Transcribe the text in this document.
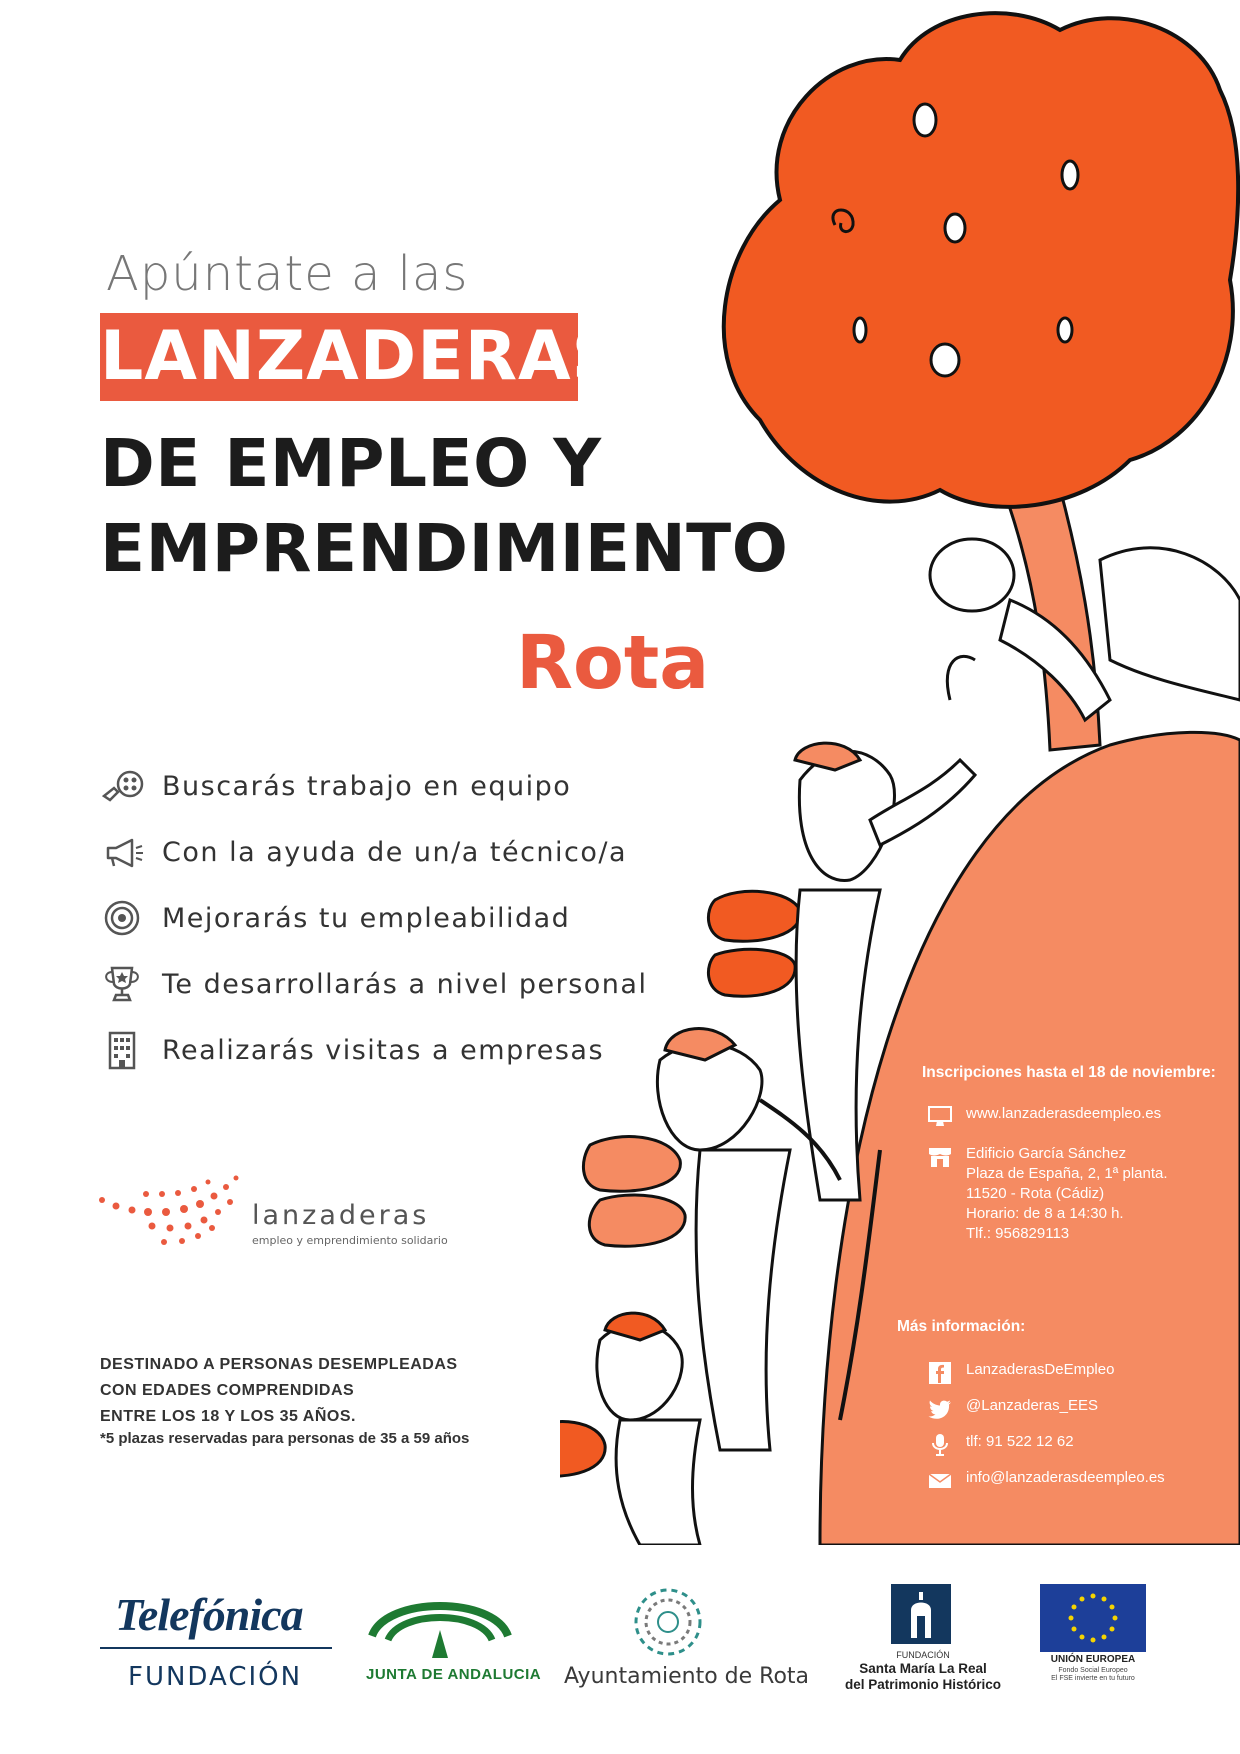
Apúntate a las
LANZADERAS
DE EMPLEO Y
EMPRENDIMIENTO
Rota
Buscarás trabajo en equipo
Con la ayuda de un/a técnico/a
Mejorarás tu empleabilidad
Te desarrollarás a nivel personal
Realizarás visitas a empresas
lanzaderas
empleo y emprendimiento solidario
DESTINADO A PERSONAS DESEMPLEADAS
CON EDADES COMPRENDIDAS
ENTRE LOS 18 Y LOS 35 AÑOS.
*5 plazas reservadas para personas de 35 a 59 años
Inscripciones hasta el 18 de noviembre:
www.lanzaderasdeempleo.es
Edificio García Sánchez
Plaza de España, 2, 1ª planta.
11520 - Rota (Cádiz)
Horario: de 8 a 14:30 h.
Tlf.: 956829113
Más información:
LanzaderasDeEmpleo
@Lanzaderas_EES
tlf: 91 522 12 62
info@lanzaderasdeempleo.es
Telefónica
FUNDACIÓN	JUNTA DE ANDALUCIA Ayuntamiento de Rota
FUNDACIÓN
Santa María La Real
del Patrimonio Histórico
UNIÓN EUROPEA
Fondo Social Europeo
El FSE invierte en tu futuro
